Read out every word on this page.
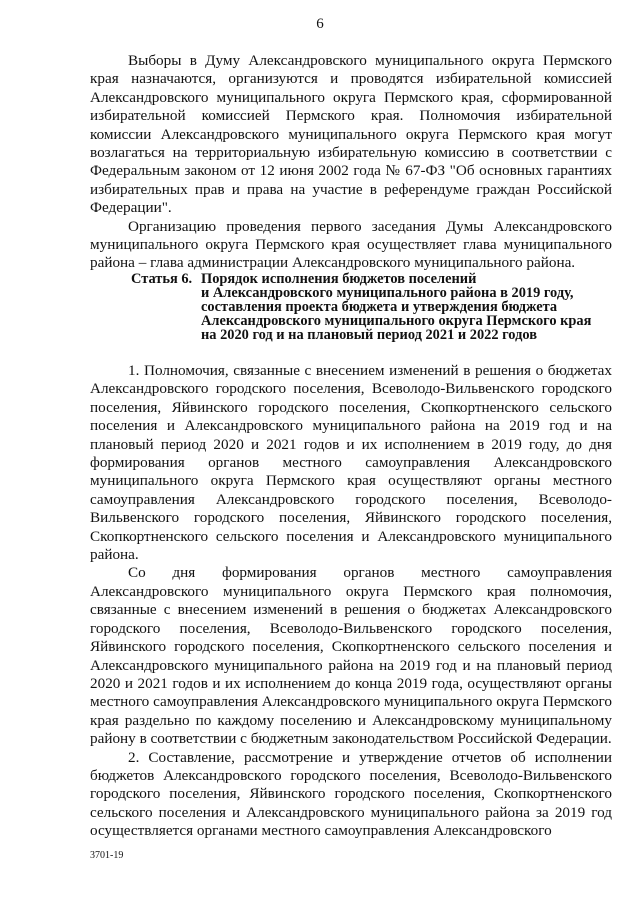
6

Выборы в Думу Александровского муниципального округа Пермского края назначаются, организуются и проводятся избирательной комиссией Александровского муниципального округа Пермского края, сформированной избирательной комиссией Пермского края. Полномочия избирательной комиссии Александровского муниципального округа Пермского края могут возлагаться на территориальную избирательную комиссию в соответствии с Федеральным законом от 12 июня 2002 года № 67-ФЗ "Об основных гарантиях избирательных прав и права на участие в референдуме граждан Российской Федерации".

Организацию проведения первого заседания Думы Александровского муниципального округа Пермского края осуществляет глава муниципального района – глава администрации Александровского муниципального района.

Статья 6. Порядок исполнения бюджетов поселений
и Александровского муниципального района в 2019 году,
составления проекта бюджета и утверждения бюджета
Александровского муниципального округа Пермского края
на 2020 год и на плановый период 2021 и 2022 годов

1. Полномочия, связанные с внесением изменений в решения о бюджетах Александровского городского поселения, Всеволодо-Вильвенского городского поселения, Яйвинского городского поселения, Скопкортненского сельского поселения и Александровского муниципального района на 2019 год и на плановый период 2020 и 2021 годов и их исполнением в 2019 году, до дня формирования органов местного самоуправления Александровского муниципального округа Пермского края осуществляют органы местного самоуправления Александровского городского поселения, Всеволодо-Вильвенского городского поселения, Яйвинского городского поселения, Скопкортненского сельского поселения и Александровского муниципального района.

Со дня формирования органов местного самоуправления Александровского муниципального округа Пермского края полномочия, связанные с внесением изменений в решения о бюджетах Александровского городского поселения, Всеволодо-Вильвенского городского поселения, Яйвинского городского поселения, Скопкортненского сельского поселения и Александровского муниципального района на 2019 год и на плановый период 2020 и 2021 годов и их исполнением до конца 2019 года, осуществляют органы местного самоуправления Александровского муниципального округа Пермского края раздельно по каждому поселению и Александровскому муниципальному району в соответствии с бюджетным законодательством Российской Федерации.

2. Составление, рассмотрение и утверждение отчетов об исполнении бюджетов Александровского городского поселения, Всеволодо-Вильвенского городского поселения, Яйвинского городского поселения, Скопкортненского сельского поселения и Александровского муниципального района за 2019 год осуществляется органами местного самоуправления Александровского

3701-19
